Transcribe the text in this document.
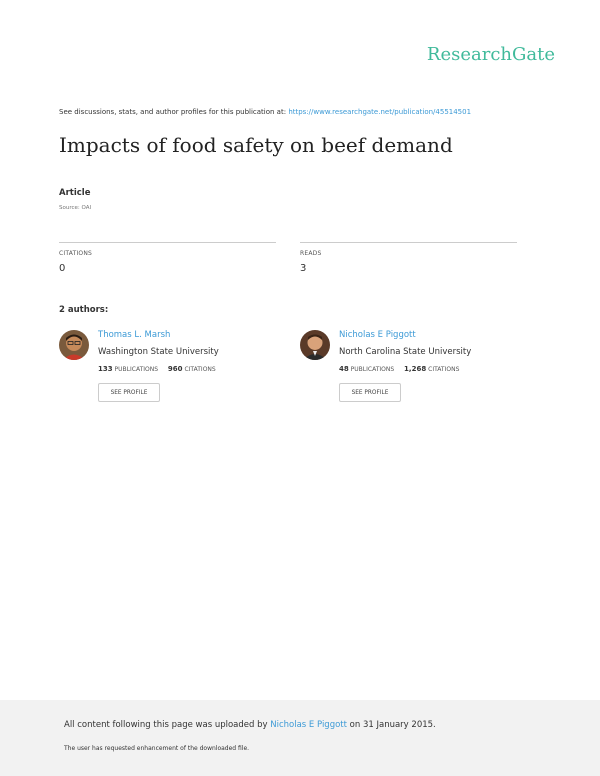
ResearchGate
See discussions, stats, and author profiles for this publication at: https://www.researchgate.net/publication/45514501
Impacts of food safety on beef demand
Article
Source: OAI
CITATIONS
0
READS
3
2 authors:
Thomas L. Marsh
Washington State University
133 PUBLICATIONS 960 CITATIONS
SEE PROFILE
Nicholas E Piggott
North Carolina State University
48 PUBLICATIONS 1,268 CITATIONS
SEE PROFILE
All content following this page was uploaded by Nicholas E Piggott on 31 January 2015.
The user has requested enhancement of the downloaded file.
